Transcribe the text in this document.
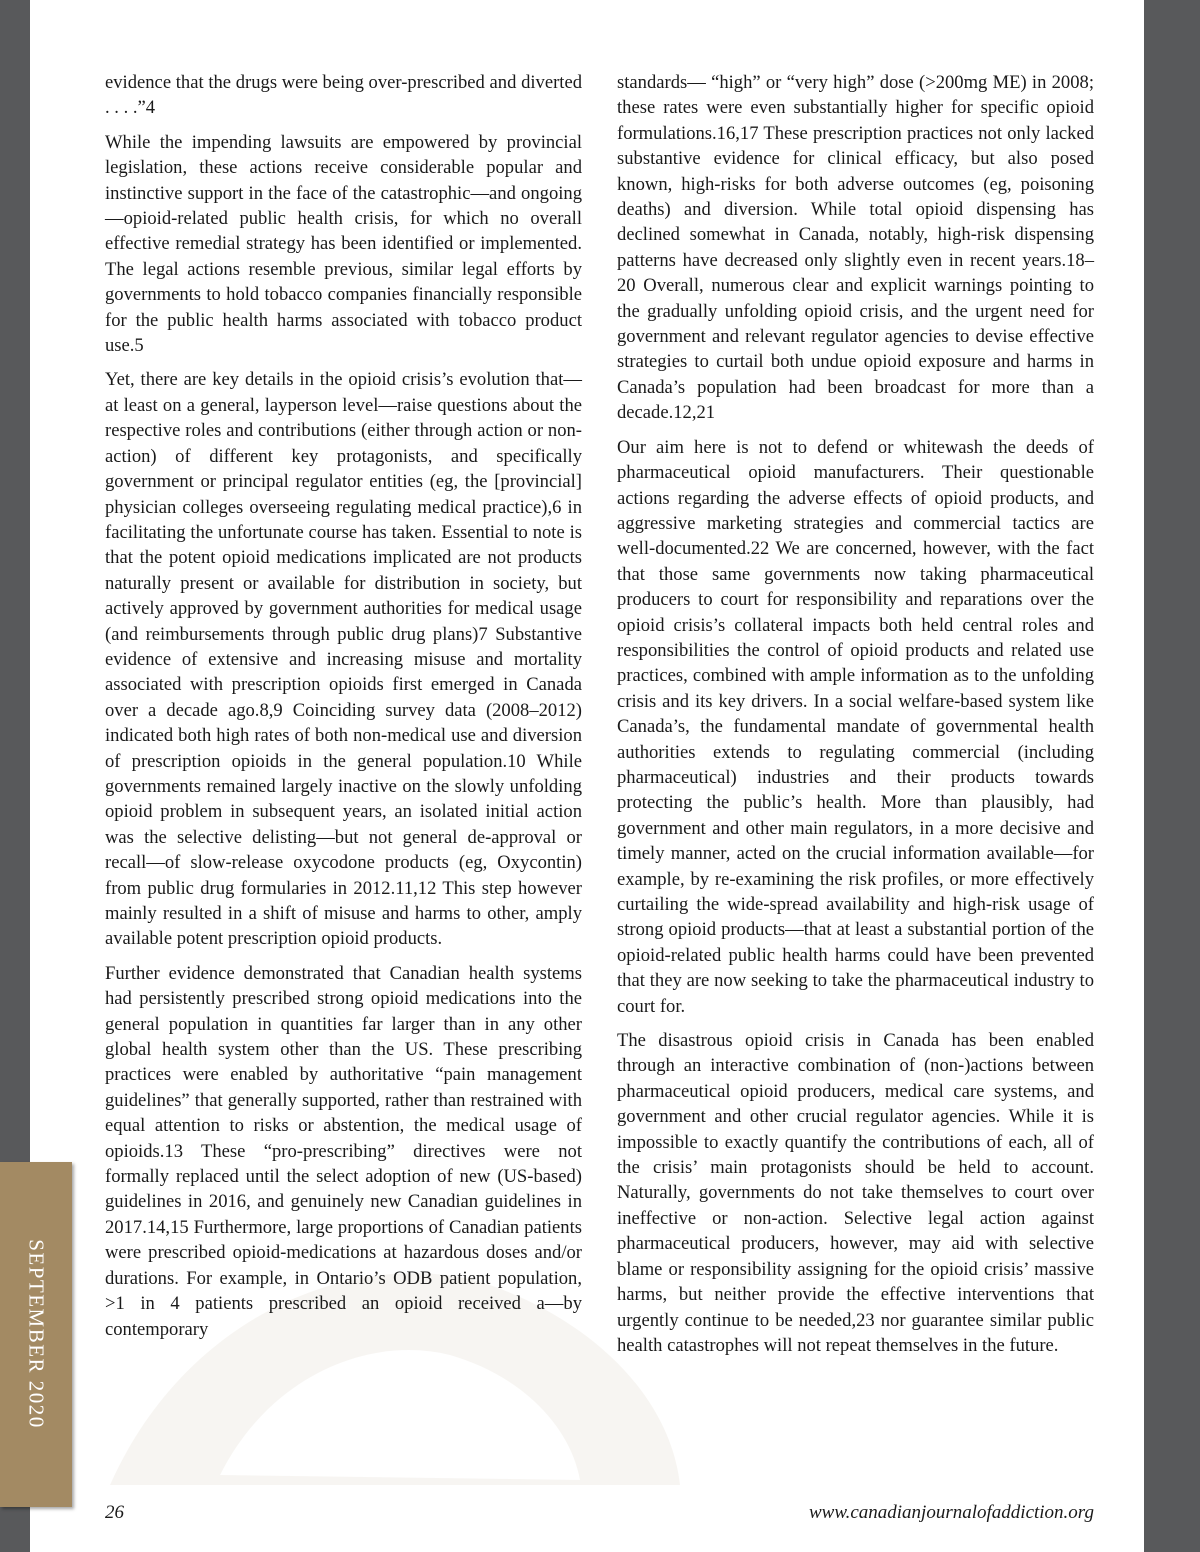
SEPTEMBER 2020

evidence that the drugs were being over-prescribed and diverted . . . .”4

While the impending lawsuits are empowered by provincial legislation, these actions receive considerable popular and instinctive support in the face of the catastrophic—and ongoing—opioid-related public health crisis, for which no overall effective remedial strategy has been identified or implemented. The legal actions resemble previous, similar legal efforts by governments to hold tobacco companies financially responsible for the public health harms associated with tobacco product use.5

Yet, there are key details in the opioid crisis’s evolution that—at least on a general, layperson level—raise questions about the respective roles and contributions (either through action or non-action) of different key protagonists, and specifically government or principal regulator entities (eg, the [provincial] physician colleges overseeing regulating medical practice),6 in facilitating the unfortunate course has taken. Essential to note is that the potent opioid medications implicated are not products naturally present or available for distribution in society, but actively approved by government authorities for medical usage (and reimbursements through public drug plans)7 Substantive evidence of extensive and increasing misuse and mortality associated with prescription opioids first emerged in Canada over a decade ago.8,9 Coinciding survey data (2008–2012) indicated both high rates of both non-medical use and diversion of prescription opioids in the general population.10 While governments remained largely inactive on the slowly unfolding opioid problem in subsequent years, an isolated initial action was the selective delisting—but not general de-approval or recall—of slow-release oxycodone products (eg, Oxycontin) from public drug formularies in 2012.11,12 This step however mainly resulted in a shift of misuse and harms to other, amply available potent prescription opioid products.

Further evidence demonstrated that Canadian health systems had persistently prescribed strong opioid medications into the general population in quantities far larger than in any other global health system other than the US. These prescribing practices were enabled by authoritative “pain management guidelines” that generally supported, rather than restrained with equal attention to risks or abstention, the medical usage of opioids.13 These “pro-prescribing” directives were not formally replaced until the select adoption of new (US-based) guidelines in 2016, and genuinely new Canadian guidelines in 2017.14,15 Furthermore, large proportions of Canadian patients were prescribed opioid-medications at hazardous doses and/or durations. For example, in Ontario’s ODB patient population, >1 in 4 patients prescribed an opioid received a—by contemporary

standards— “high” or “very high” dose (>200mg ME) in 2008; these rates were even substantially higher for specific opioid formulations.16,17 These prescription practices not only lacked substantive evidence for clinical efficacy, but also posed known, high-risks for both adverse outcomes (eg, poisoning deaths) and diversion. While total opioid dispensing has declined somewhat in Canada, notably, high-risk dispensing patterns have decreased only slightly even in recent years.18–20 Overall, numerous clear and explicit warnings pointing to the gradually unfolding opioid crisis, and the urgent need for government and relevant regulator agencies to devise effective strategies to curtail both undue opioid exposure and harms in Canada’s population had been broadcast for more than a decade.12,21

Our aim here is not to defend or whitewash the deeds of pharmaceutical opioid manufacturers. Their questionable actions regarding the adverse effects of opioid products, and aggressive marketing strategies and commercial tactics are well-documented.22 We are concerned, however, with the fact that those same governments now taking pharmaceutical producers to court for responsibility and reparations over the opioid crisis’s collateral impacts both held central roles and responsibilities the control of opioid products and related use practices, combined with ample information as to the unfolding crisis and its key drivers. In a social welfare-based system like Canada’s, the fundamental mandate of governmental health authorities extends to regulating commercial (including pharmaceutical) industries and their products towards protecting the public’s health. More than plausibly, had government and other main regulators, in a more decisive and timely manner, acted on the crucial information available—for example, by re-examining the risk profiles, or more effectively curtailing the wide-spread availability and high-risk usage of strong opioid products—that at least a substantial portion of the opioid-related public health harms could have been prevented that they are now seeking to take the pharmaceutical industry to court for.

The disastrous opioid crisis in Canada has been enabled through an interactive combination of (non-)actions between pharmaceutical opioid producers, medical care systems, and government and other crucial regulator agencies. While it is impossible to exactly quantify the contributions of each, all of the crisis’ main protagonists should be held to account. Naturally, governments do not take themselves to court over ineffective or non-action. Selective legal action against pharmaceutical producers, however, may aid with selective blame or responsibility assigning for the opioid crisis’ massive harms, but neither provide the effective interventions that urgently continue to be needed,23 nor guarantee similar public health catastrophes will not repeat themselves in the future.

26	www.canadianjournalofaddiction.org
